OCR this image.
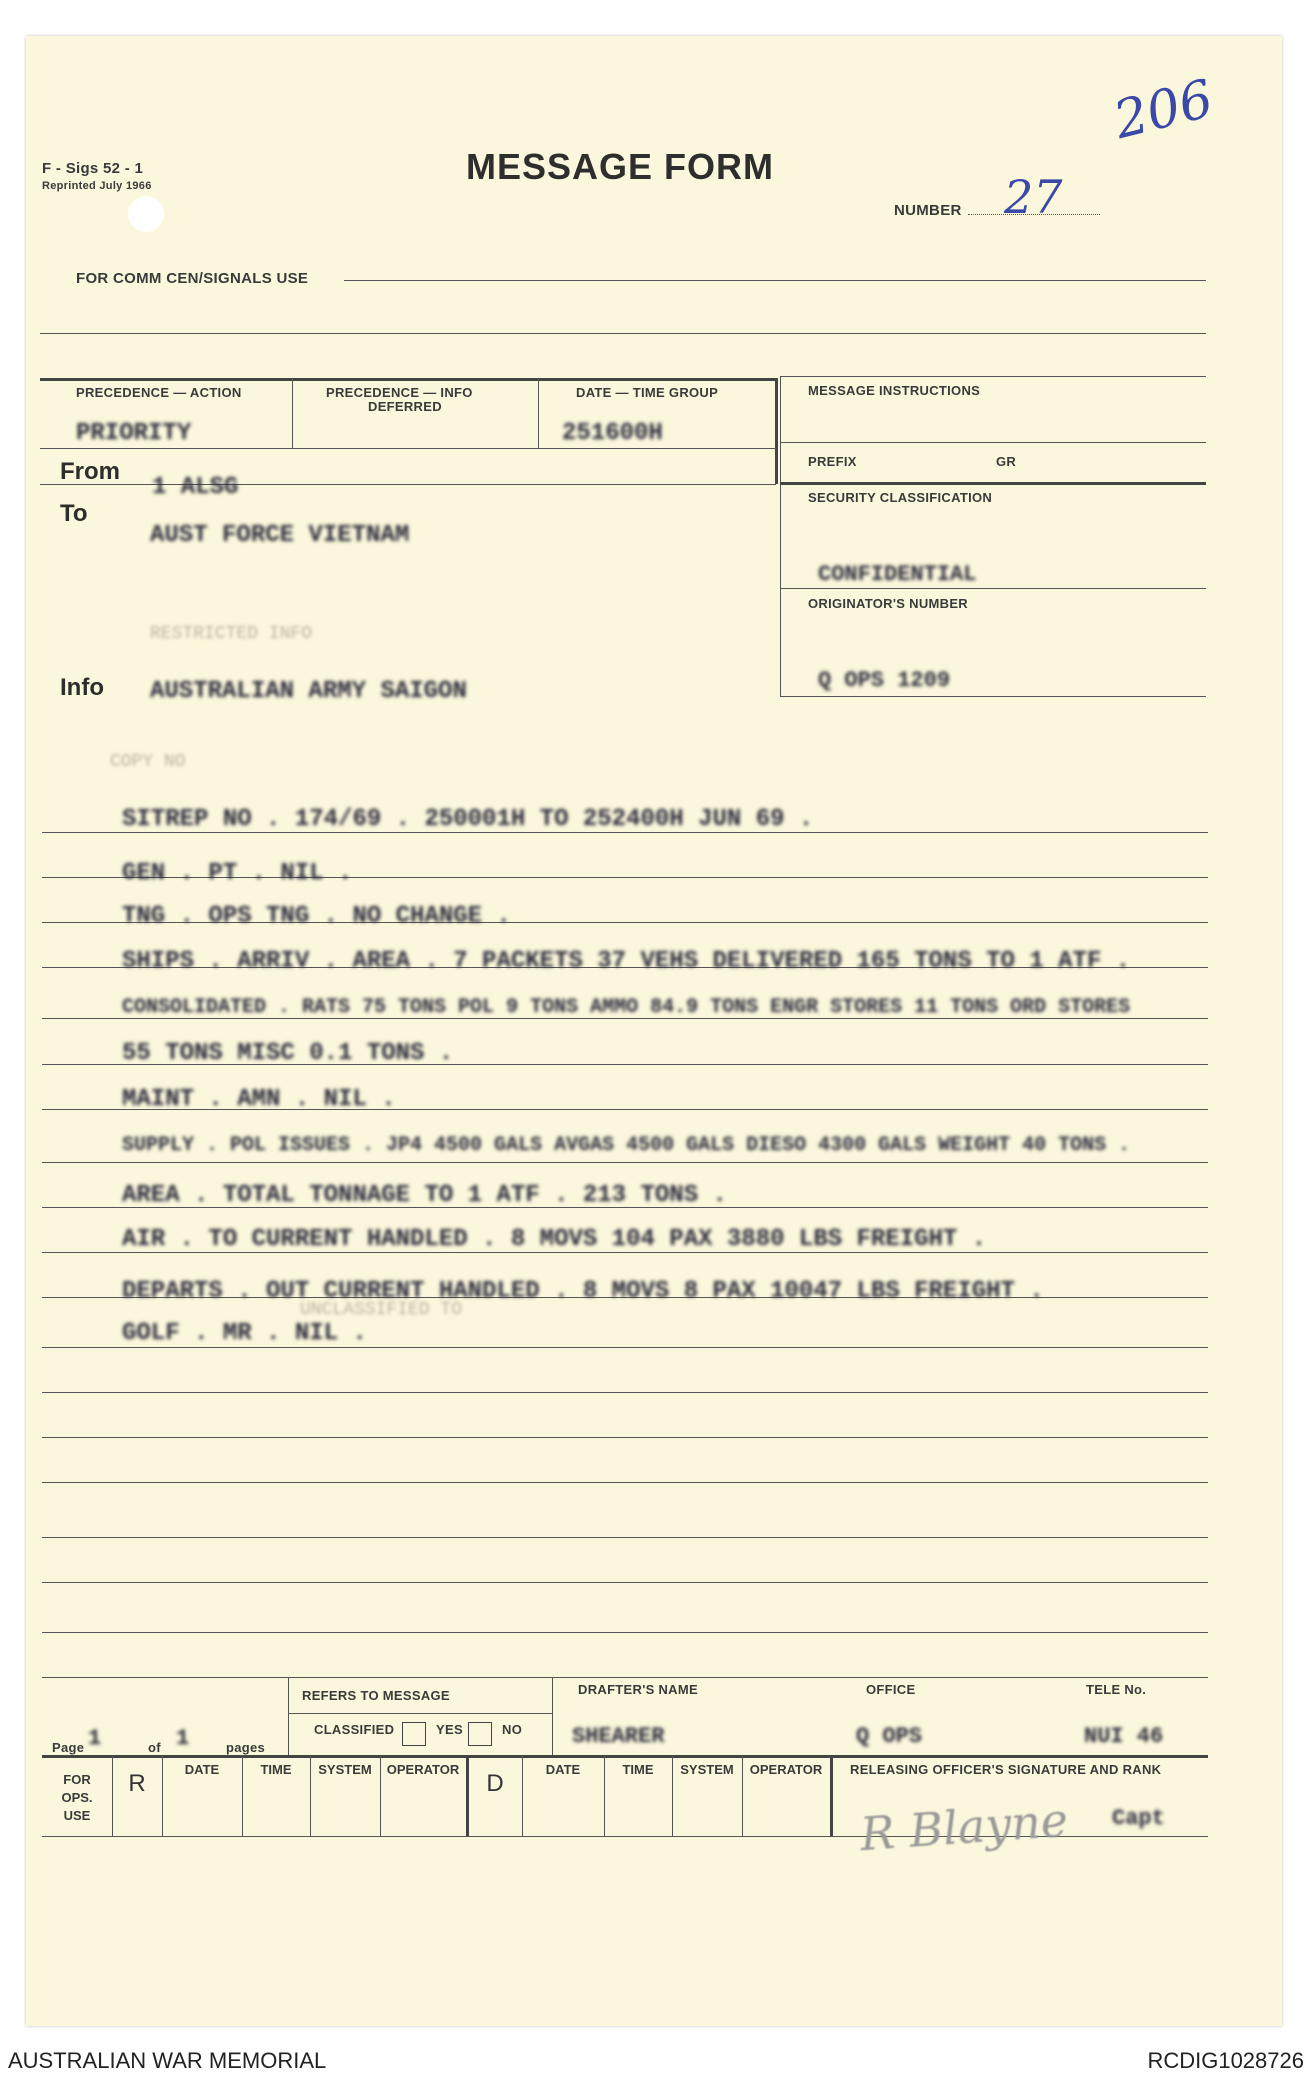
F - Sigs 52 - 1
Reprinted July 1966	MESSAGE FORM
206
NUMBER 27
FOR COMM CEN/SIGNALS USE
PRECEDENCE — ACTION
PRIORITY
PRECEDENCE — INFO
DEFERRED
DATE — TIME GROUP
251600H
MESSAGE INSTRUCTIONS
PREFIX	GR
SECURITY CLASSIFICATION
CONFIDENTIAL
ORIGINATOR'S NUMBER
Q OPS 1209
From
1 ALSG
To
AUST FORCE VIETNAM
RESTRICTED INFO
Info AUSTRALIAN ARMY SAIGON
COPY NO
SITREP NO . 174/69 . 250001H TO 252400H JUN 69 .
GEN . PT . NIL .
TNG . OPS TNG . NO CHANGE .
SHIPS . ARRIV . AREA . 7 PACKETS 37 VEHS DELIVERED 165 TONS TO 1 ATF .
CONSOLIDATED . RATS 75 TONS POL 9 TONS AMMO 84.9 TONS ENGR STORES 11 TONS ORD STORES
55 TONS MISC 0.1 TONS .
MAINT . AMN . NIL .
SUPPLY . POL ISSUES . JP4 4500 GALS AVGAS 4500 GALS DIESO 4300 GALS WEIGHT 40 TONS .
AREA . TOTAL TONNAGE TO 1 ATF . 213 TONS .
AIR . TO CURRENT HANDLED . 8 MOVS 104 PAX 3880 LBS FREIGHT .
DEPARTS . OUT CURRENT HANDLED . 8 MOVS 8 PAX 10047 LBS FREIGHT .
GOLF . MR . NIL .
UNCLASSIFIED TO
REFERS TO MESSAGE
CLASSIFIED	YES	NO
Page 1	of 1	pages
DRAFTER'S NAME
SHEARER
OFFICE
Q OPS
TELE No.
NUI 46
FOR
OPS.
USE
R
DATE	TIME	SYSTEM	OPERATOR
D
DATE	TIME	SYSTEM	OPERATOR	RELEASING OFFICER'S SIGNATURE AND RANK
R Blayne Capt
AUSTRALIAN WAR MEMORIAL	RCDIG1028726
